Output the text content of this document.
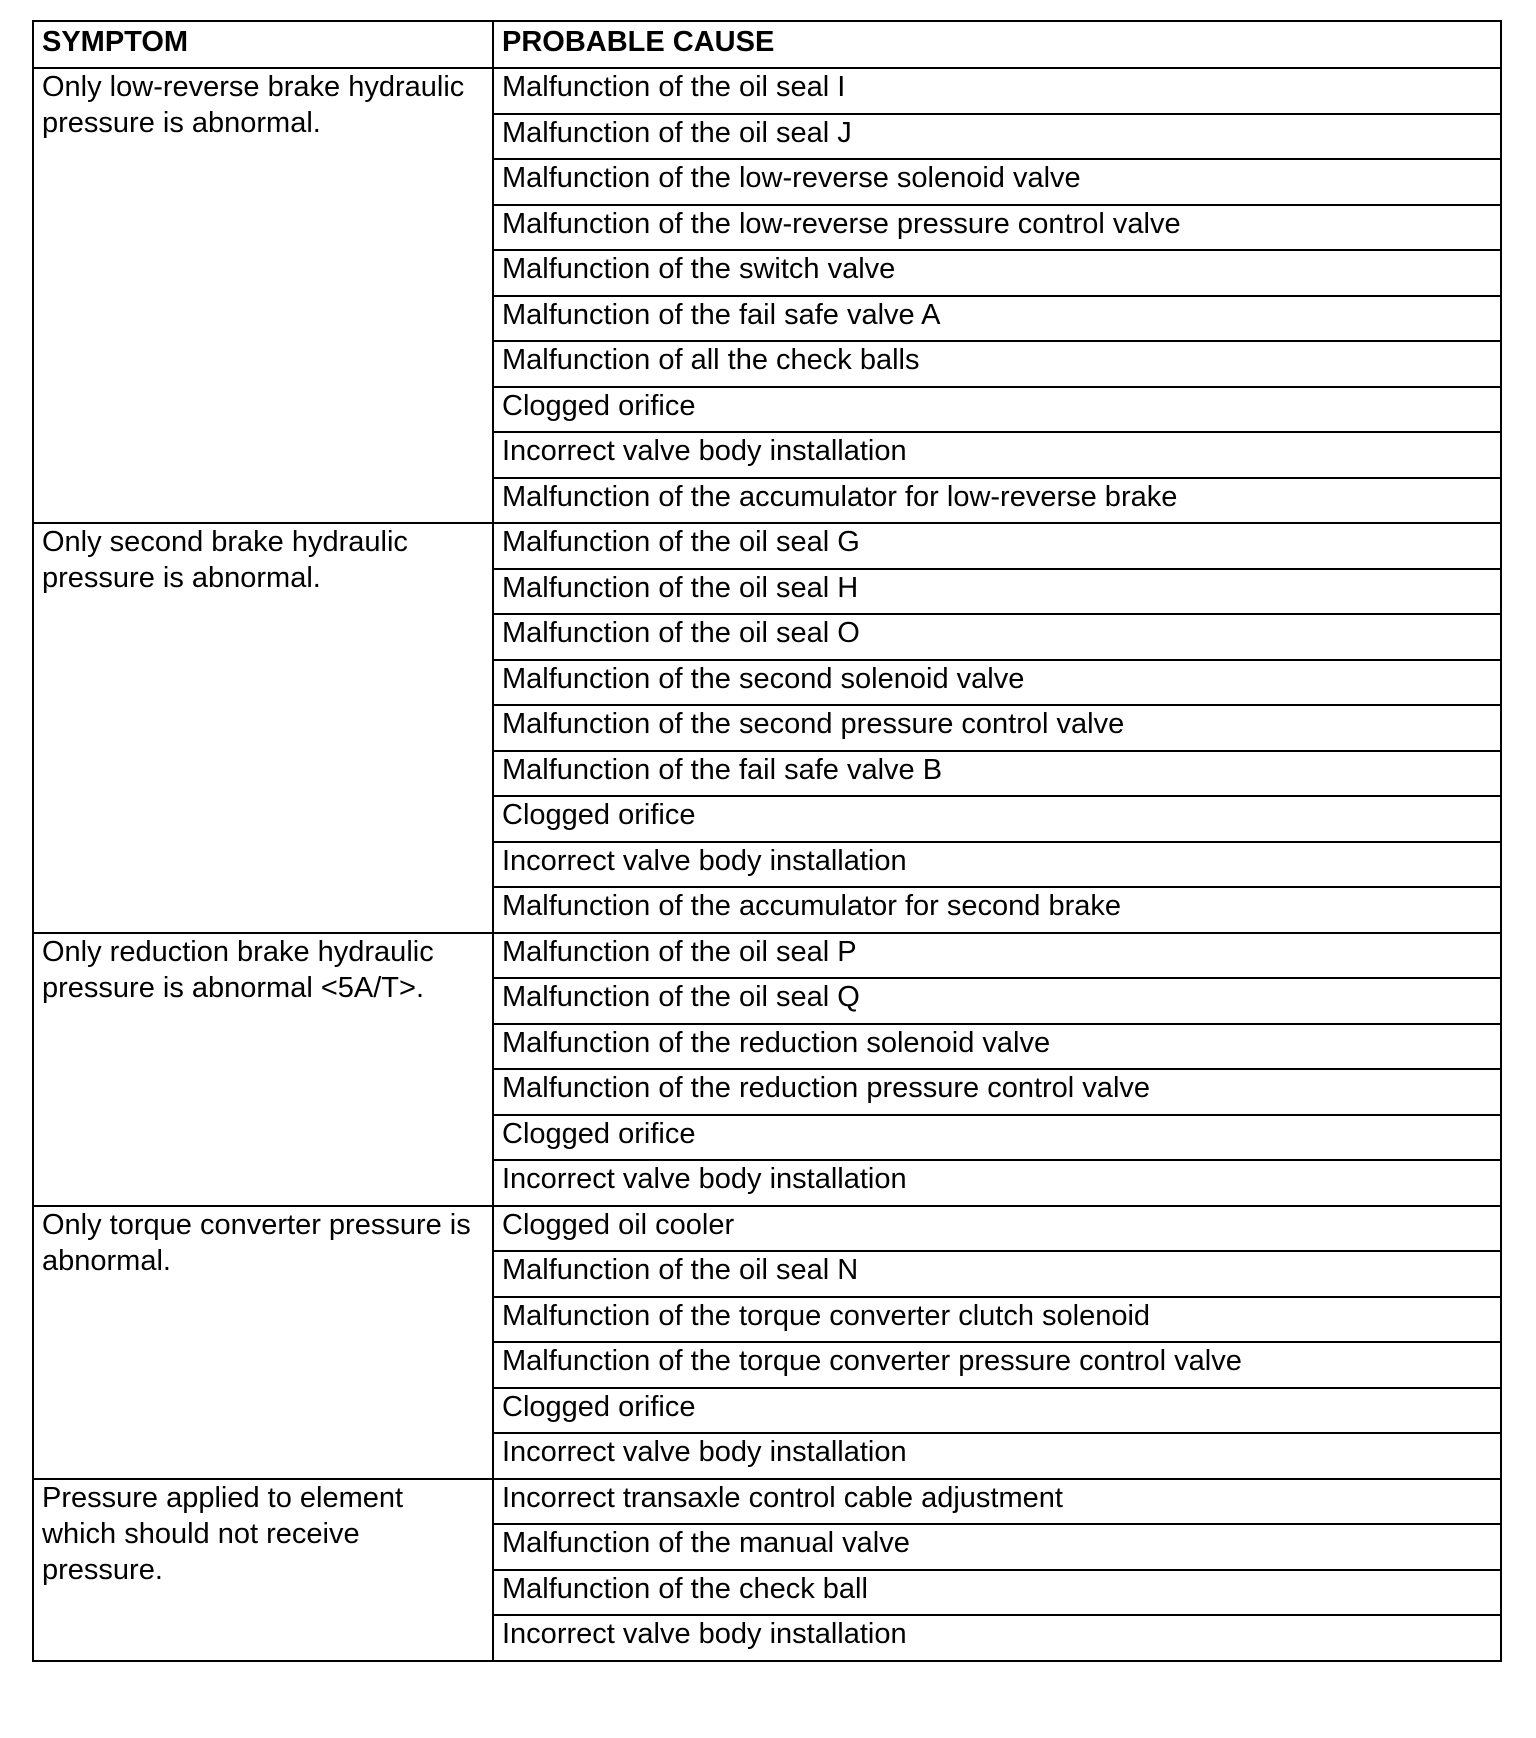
SYMPTOM	PROBABLE CAUSE
Only low-reverse brake hydraulic pressure is abnormal.	Malfunction of the oil seal I
	Malfunction of the oil seal J
	Malfunction of the low-reverse solenoid valve
	Malfunction of the low-reverse pressure control valve
	Malfunction of the switch valve
	Malfunction of the fail safe valve A
	Malfunction of all the check balls
	Clogged orifice
	Incorrect valve body installation
	Malfunction of the accumulator for low-reverse brake
Only second brake hydraulic pressure is abnormal.	Malfunction of the oil seal G
	Malfunction of the oil seal H
	Malfunction of the oil seal O
	Malfunction of the second solenoid valve
	Malfunction of the second pressure control valve
	Malfunction of the fail safe valve B
	Clogged orifice
	Incorrect valve body installation
	Malfunction of the accumulator for second brake
Only reduction brake hydraulic pressure is abnormal <5A/T>.	Malfunction of the oil seal P
	Malfunction of the oil seal Q
	Malfunction of the reduction solenoid valve
	Malfunction of the reduction pressure control valve
	Clogged orifice
	Incorrect valve body installation
Only torque converter pressure is abnormal.	Clogged oil cooler
	Malfunction of the oil seal N
	Malfunction of the torque converter clutch solenoid
	Malfunction of the torque converter pressure control valve
	Clogged orifice
	Incorrect valve body installation
Pressure applied to element which should not receive pressure.	Incorrect transaxle control cable adjustment
	Malfunction of the manual valve
	Malfunction of the check ball
	Incorrect valve body installation
